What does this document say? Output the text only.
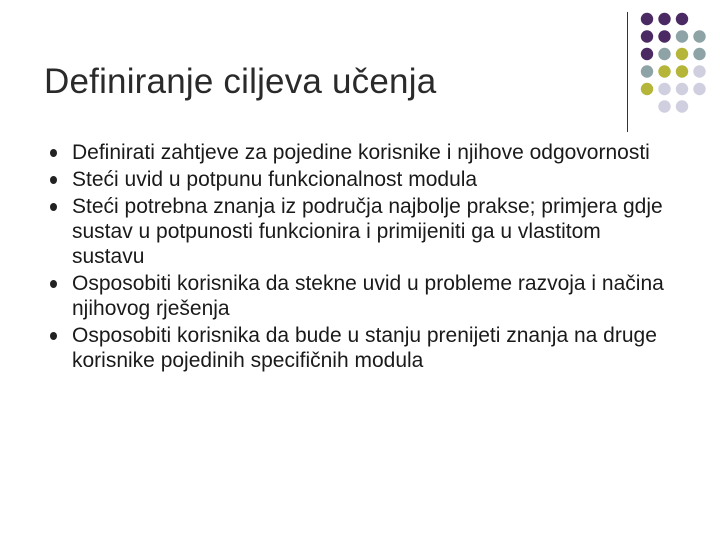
Definiranje ciljeva učenja
Definirati zahtjeve za pojedine korisnike i njihove odgovornosti
Steći uvid u potpunu funkcionalnost modula
Steći potrebna znanja iz područja najbolje prakse; primjera gdje sustav u potpunosti funkcionira i primijeniti ga u vlastitom sustavu
Osposobiti korisnika da stekne uvid u probleme razvoja i načina njihovog rješenja
Osposobiti korisnika da bude u stanju prenijeti znanja na druge korisnike pojedinih specifičnih modula
